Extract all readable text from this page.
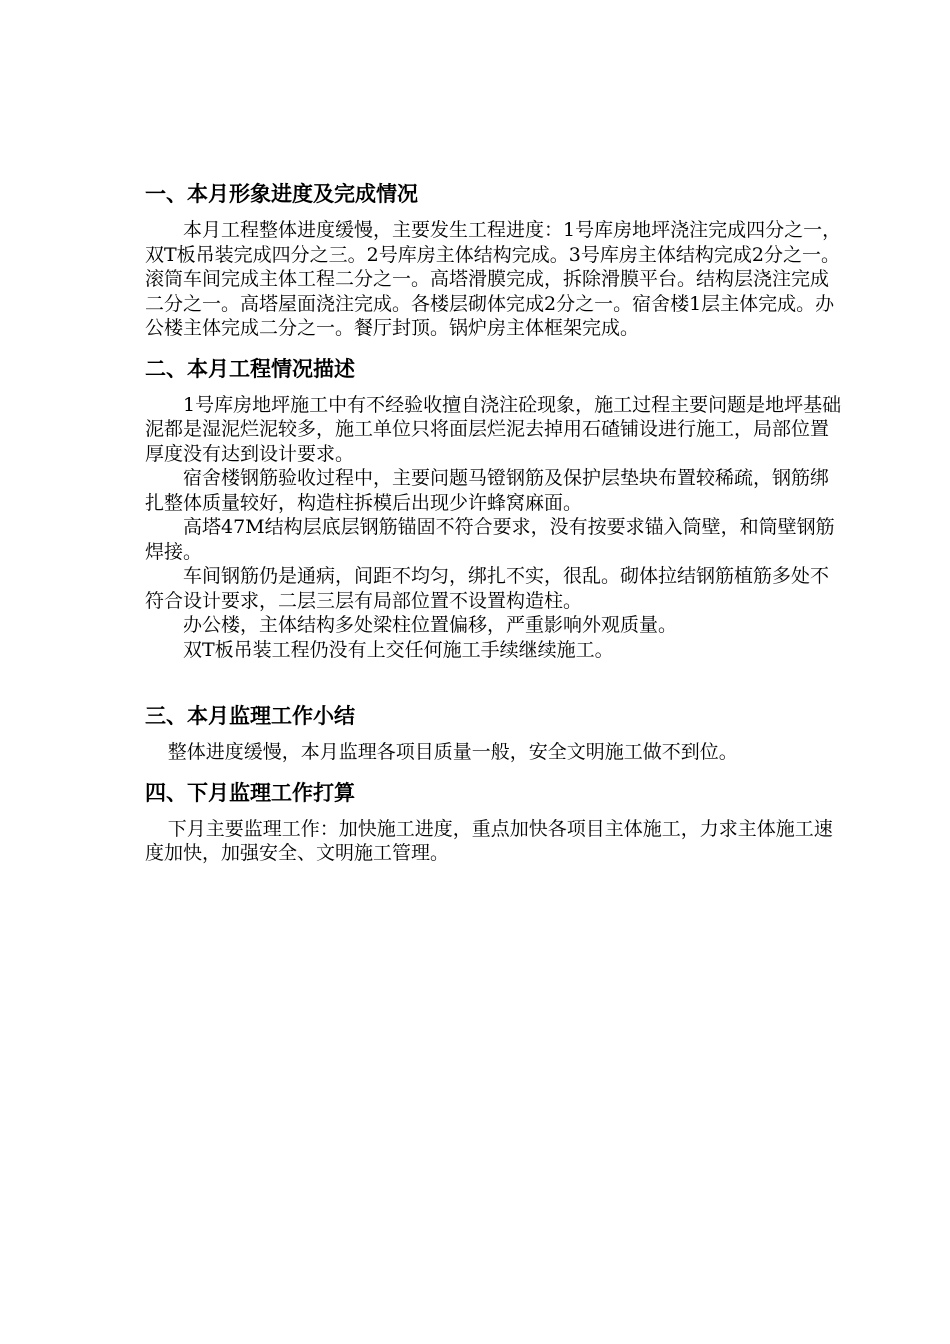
一、本月形象进度及完成情况

本月工程整体进度缓慢，主要发生工程进度：1号库房地坪浇注完成四分之一，双T板吊装完成四分之三。2号库房主体结构完成。3号库房主体结构完成2分之一。滚筒车间完成主体工程二分之一。高塔滑膜完成，拆除滑膜平台。结构层浇注完成二分之一。高塔屋面浇注完成。各楼层砌体完成2分之一。宿舍楼1层主体完成。办公楼主体完成二分之一。餐厅封顶。锅炉房主体框架完成。

二、本月工程情况描述

1号库房地坪施工中有不经验收擅自浇注砼现象，施工过程主要问题是地坪基础泥都是湿泥烂泥较多，施工单位只将面层烂泥去掉用石碴铺设进行施工，局部位置厚度没有达到设计要求。

宿舍楼钢筋验收过程中，主要问题马镫钢筋及保护层垫块布置较稀疏，钢筋绑扎整体质量较好，构造柱拆模后出现少许蜂窝麻面。

高塔47M结构层底层钢筋锚固不符合要求，没有按要求锚入筒壁，和筒壁钢筋焊接。

车间钢筋仍是通病，间距不均匀，绑扎不实，很乱。砌体拉结钢筋植筋多处不符合设计要求，二层三层有局部位置不设置构造柱。

办公楼，主体结构多处梁柱位置偏移，严重影响外观质量。

双T板吊装工程仍没有上交任何施工手续继续施工。

三、本月监理工作小结

整体进度缓慢，本月监理各项目质量一般，安全文明施工做不到位。

四、下月监理工作打算

下月主要监理工作：加快施工进度，重点加快各项目主体施工，力求主体施工速度加快，加强安全、文明施工管理。
